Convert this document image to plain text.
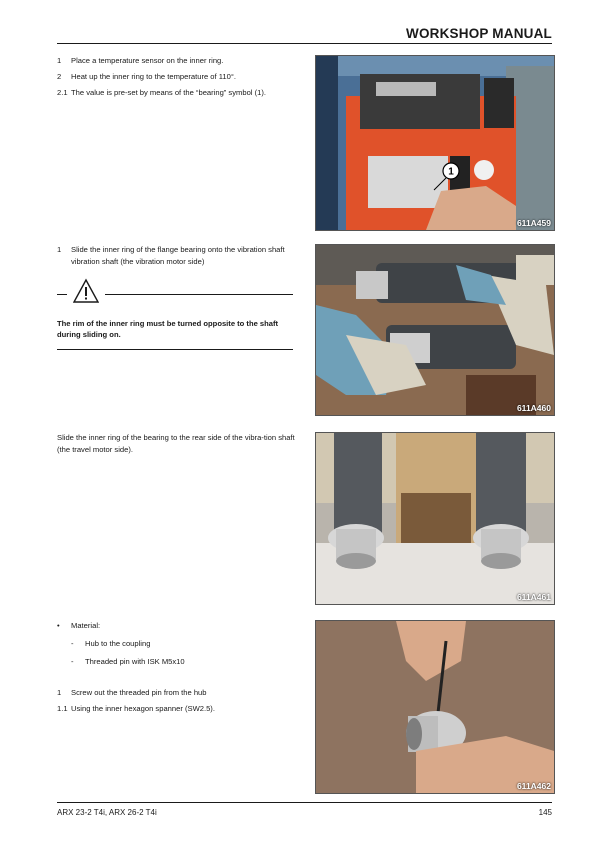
WORKSHOP MANUAL
1	Place a temperature sensor on the inner ring.
2	Heat up the inner ring to the temperature of 110°.
2.1 The value is pre-set by means of the “bearing” symbol (1).
1
611A459
1	Slide the inner ring of the flange bearing onto the vibration shaft vibration shaft (the vibration motor side)
The rim of the inner ring must be turned opposite to the shaft during sliding on.
611A460

Slide the inner ring of the bearing to the rear side of the vibra-tion shaft (the travel motor side).

611A461
•	Material:
-	Hub to the coupling
-	Threaded pin with ISK M5x10
1	Screw out the threaded pin from the hub
1.1 Using the inner hexagon spanner (SW2.5).
611A462
ARX 23-2 T4i, ARX 26-2 T4i	145
